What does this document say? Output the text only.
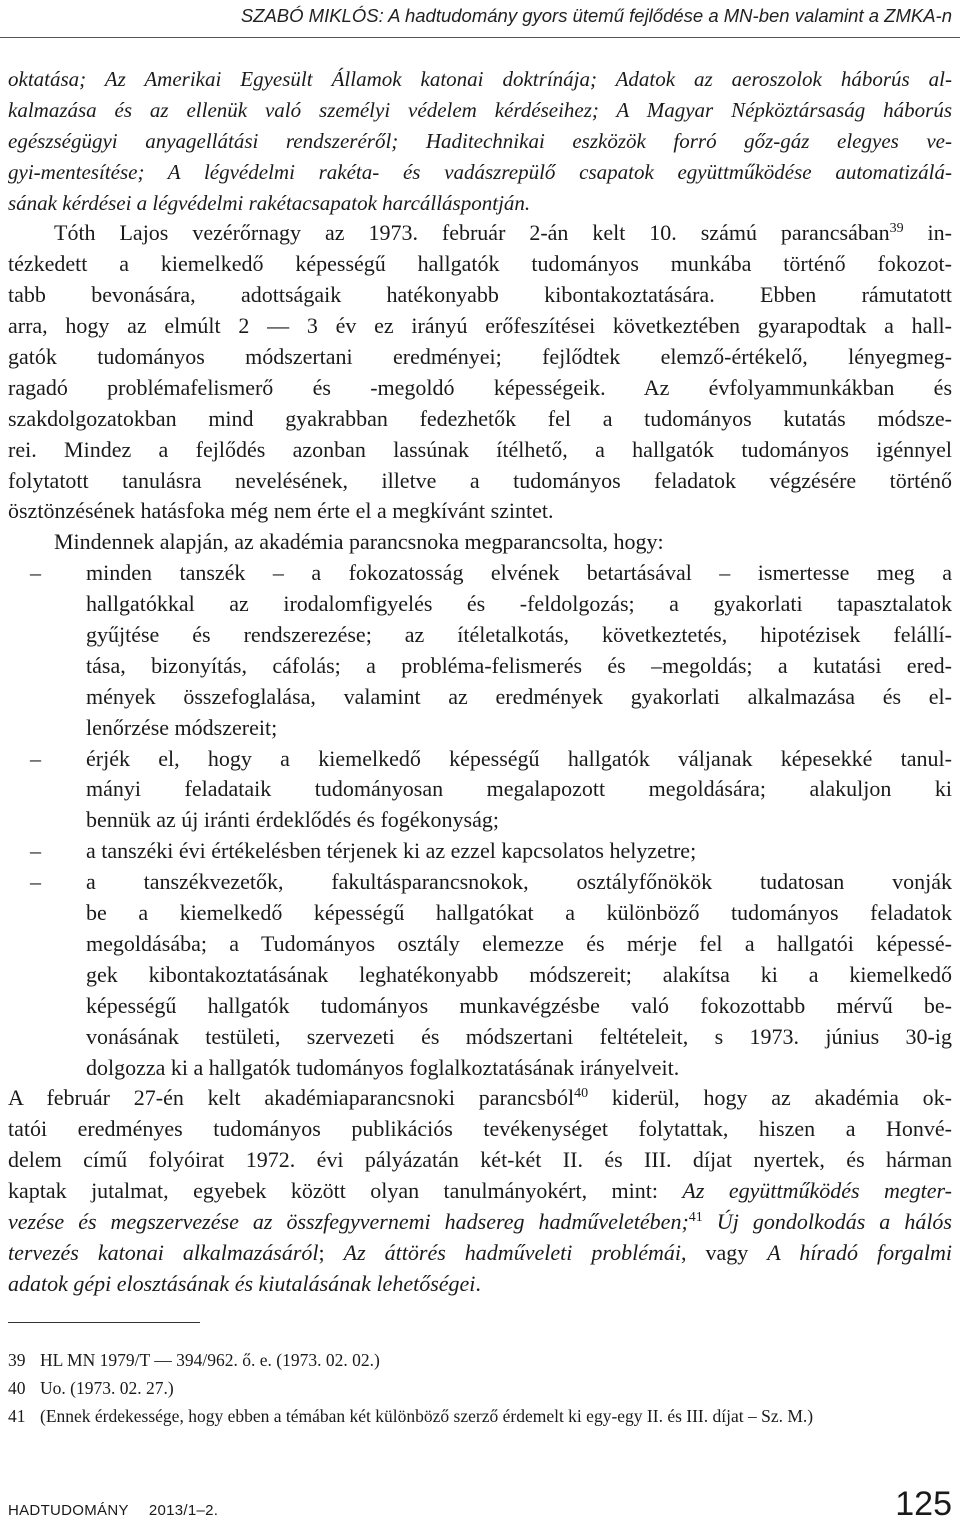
SZABÓ MIKLÓS: A hadtudomány gyors ütemű fejlődése a MN-ben valamint a ZMKA-n
oktatása; Az Amerikai Egyesült Államok katonai doktrínája; Adatok az aeroszolok háborús al-
kalmazása és az ellenük való személyi védelem kérdéseihez; A Magyar Népköztársaság háborús
egészségügyi anyagellátási rendszeréről; Haditechnikai eszközök forró gőz-gáz elegyes ve-
gyi-mentesítése; A légvédelmi rakéta- és vadászrepülő csapatok együttműködése automatizálá-
sának kérdései a légvédelmi rakétacsapatok harcálláspontján.
Tóth Lajos vezérőrnagy az 1973. február 2-án kelt 10. számú parancsában$^{39}$ in-
tézkedett a kiemelkedő képességű hallgatók tudományos munkába történő fokozot-
tabb bevonására, adottságaik hatékonyabb kibontakoztatására. Ebben rámutatott
arra, hogy az elmúlt 2 — 3 év ez irányú erőfeszítései következtében gyarapodtak a hall-
gatók tudományos módszertani eredményei; fejlődtek elemző-értékelő, lényegmeg-
ragadó problémafelismerő és -megoldó képességeik. Az évfolyammunkákban és
szakdolgozatokban mind gyakrabban fedezhetők fel a tudományos kutatás módsze-
rei. Mindez a fejlődés azonban lassúnak ítélhető, a hallgatók tudományos igénnyel
folytatott tanulásra nevelésének, illetve a tudományos feladatok végzésére történő
ösztönzésének hatásfoka még nem érte el a megkívánt szintet.
Mindennek alapján, az akadémia parancsnoka megparancsolta, hogy:
– minden tanszék – a fokozatosság elvének betartásával – ismertesse meg a
hallgatókkal az irodalomfigyelés és -feldolgozás; a gyakorlati tapasztalatok
gyűjtése és rendszerezése; az ítéletalkotás, következtetés, hipotézisek felállí-
tása, bizonyítás, cáfolás; a probléma-felismerés és –megoldás; a kutatási ered-
mények összefoglalása, valamint az eredmények gyakorlati alkalmazása és el-
lenőrzése módszereit;
– érjék el, hogy a kiemelkedő képességű hallgatók váljanak képesekké tanul-
mányi feladataik tudományosan megalapozott megoldására; alakuljon ki
bennük az új iránti érdeklődés és fogékonyság;
– a tanszéki évi értékelésben térjenek ki az ezzel kapcsolatos helyzetre;
– a tanszékvezetők, fakultásparancsnokok, osztályfőnökök tudatosan vonják
be a kiemelkedő képességű hallgatókat a különböző tudományos feladatok
megoldásába; a Tudományos osztály elemezze és mérje fel a hallgatói képessé-
gek kibontakoztatásának leghatékonyabb módszereit; alakítsa ki a kiemelkedő
képességű hallgatók tudományos munkavégzésbe való fokozottabb mérvű be-
vonásának testületi, szervezeti és módszertani feltételeit, s 1973. június 30-ig
dolgozza ki a hallgatók tudományos foglalkoztatásának irányelveit.
A február 27-én kelt akadémiaparancsnoki parancsból$^{40}$ kiderül, hogy az akadémia ok-
tatói eredményes tudományos publikációs tevékenységet folytattak, hiszen a Honvé-
delem című folyóirat 1972. évi pályázatán két-két II. és III. díjat nyertek, és hárman
kaptak jutalmat, egyebek között olyan tanulmányokért, mint: Az együttműködés megter-
vezése és megszervezése az összfegyvernemi hadsereg hadműveletében;$^{41}$ Új gondolkodás a hálós
tervezés katonai alkalmazásáról; Az áttörés hadműveleti problémái, vagy A híradó forgalmi
adatok gépi elosztásának és kiutalásának lehetőségei.
39 HL MN 1979/T — 394/962. ő. e. (1973. 02. 02.)
40 Uo. (1973. 02. 27.)
41 (Ennek érdekessége, hogy ebben a témában két különböző szerző érdemelt ki egy-egy II. és III. díjat – Sz. M.)
HADTUDOMÁNY 2013/1–2.	125
